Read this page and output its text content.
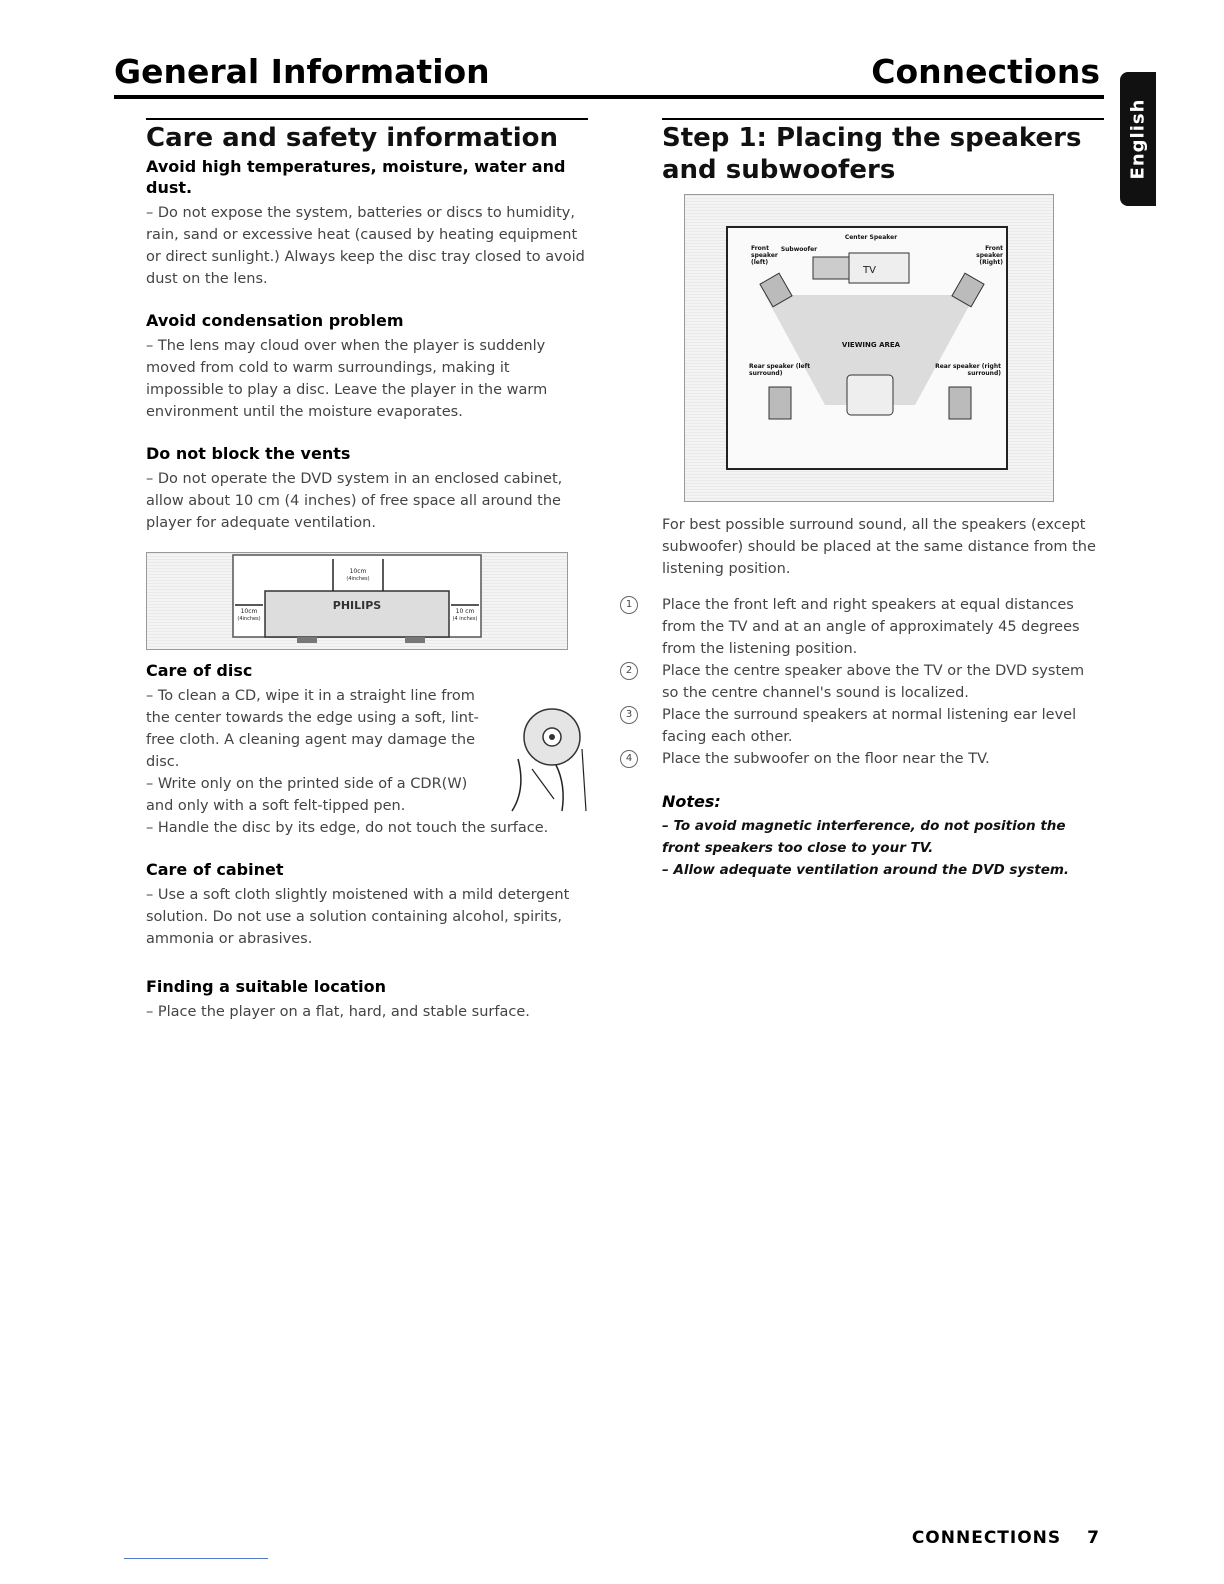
General Information	Connections
English
Care and safety information

Avoid high temperatures, moisture, water and dust.

– Do not expose the system, batteries or discs to humidity, rain, sand or excessive heat (caused by heating equipment or direct sunlight.) Always keep the disc tray closed to avoid dust on the lens.

Avoid condensation problem

– The lens may cloud over when the player is suddenly moved from cold to warm surroundings, making it impossible to play a disc. Leave the player in the warm environment until the moisture evaporates.

Do not block the vents

– Do not operate the DVD system in an enclosed cabinet, allow about 10 cm (4 inches) of free space all around the player for adequate ventilation.

10cm
(4inches)
10cm
(4inches)
10 cm
(4 inches)
PHILIPS

Care of disc

– To clean a CD, wipe it in a straight line from the center towards the edge using a soft, lint-free cloth. A cleaning agent may damage the disc.

– Write only on the printed side of a CDR(W) and only with a soft felt-tipped pen.

– Handle the disc by its edge, do not touch the surface.

Care of cabinet

– Use a soft cloth slightly moistened with a mild detergent solution. Do not use a solution containing alcohol, spirits, ammonia or abrasives.

Finding a suitable location

– Place the player on a flat, hard, and stable surface.

Step 1: Placing the speakers and subwoofers
TV
Center Speaker
Subwoofer
Front speaker (left)
Front speaker (Right)
VIEWING AREA
Rear speaker (left surround)
Rear speaker (right surround)

For best possible surround sound, all the speakers (except subwoofer) should be placed at the same distance from the listening position.

1	Place the front left and right speakers at equal distances from the TV and at an angle of approximately 45 degrees from the listening position.

2	Place the centre speaker above the TV or the DVD system so the centre channel's sound is localized.

3	Place the surround speakers at normal listening ear level facing each other.

4	Place the subwoofer on the floor near the TV.

Notes:

– To avoid magnetic interference, do not position the front speakers too close to your TV.

– Allow adequate ventilation around the DVD system.

CONNECTIONS 7
